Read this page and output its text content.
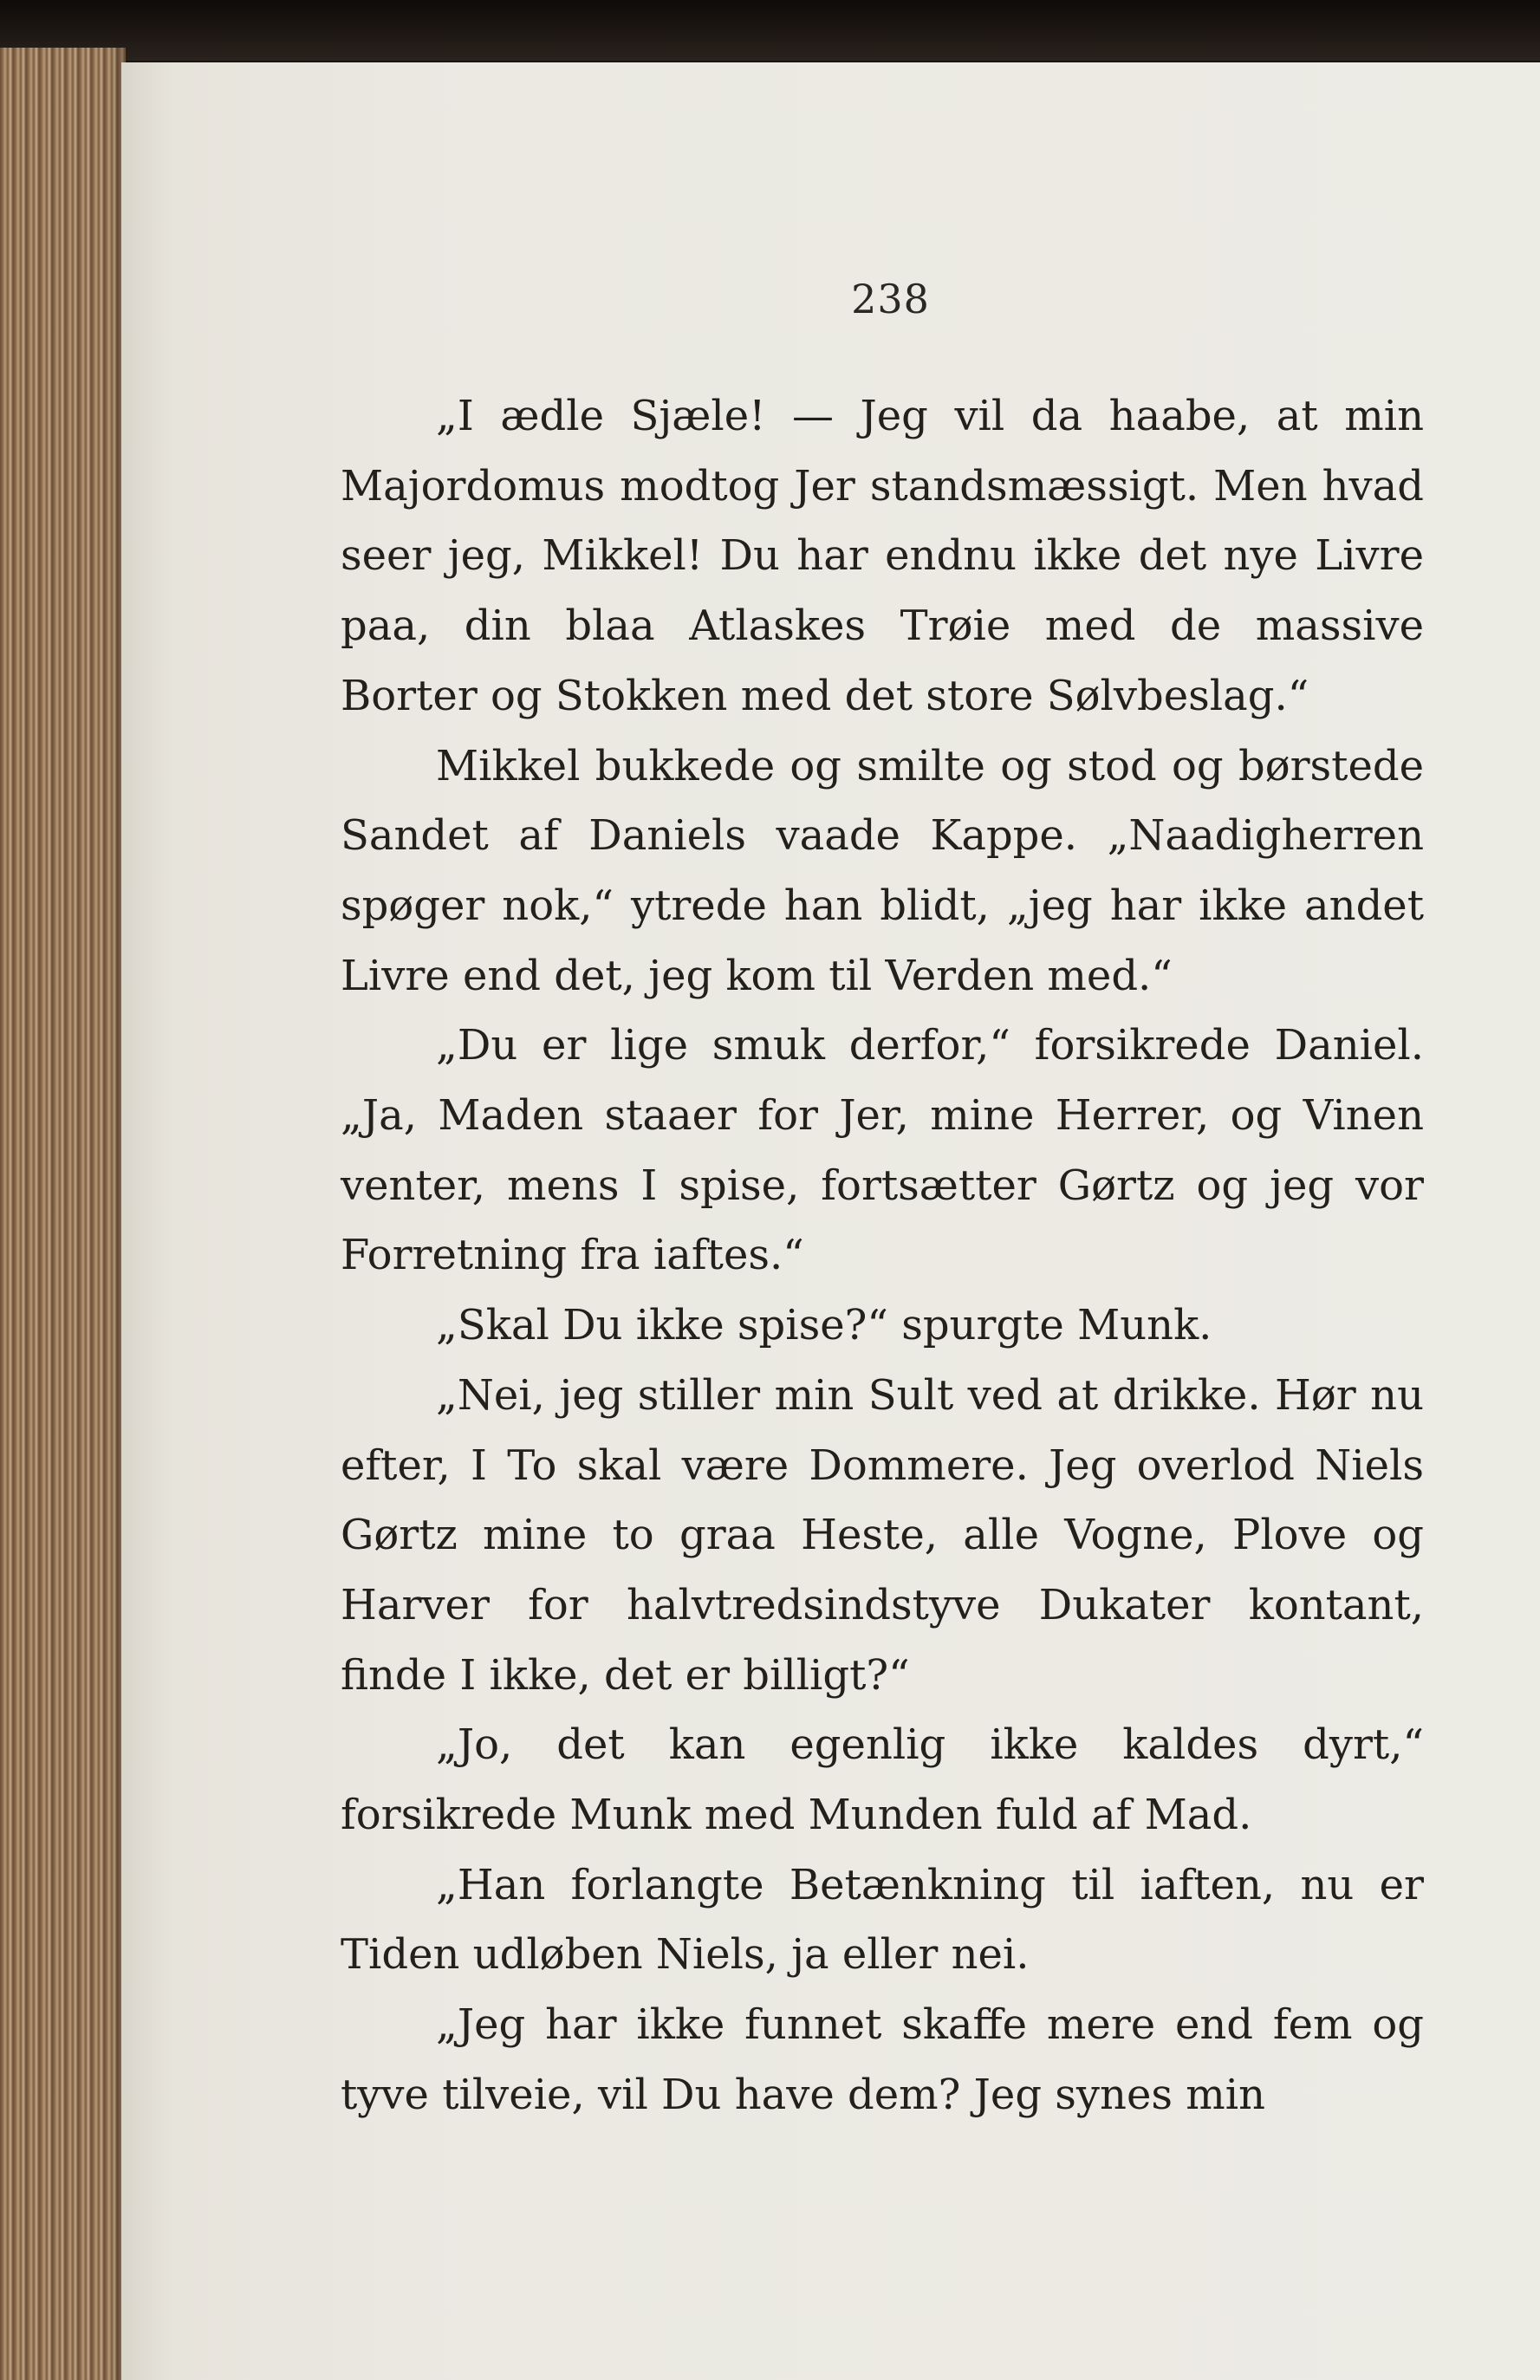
238

„I ædle Sjæle! — Jeg vil da haabe, at min Majordomus modtog Jer standsmæssigt. Men hvad seer jeg, Mikkel! Du har endnu ikke det nye Livre paa, din blaa Atlaskes Trøie med de massive Borter og Stokken med det store Sølvbeslag.“

Mikkel bukkede og smilte og stod og børstede Sandet af Daniels vaade Kappe. „Naadigherren spøger nok,“ ytrede han blidt, „jeg har ikke andet Livre end det, jeg kom til Verden med.“

„Du er lige smuk derfor,“ forsikrede Daniel. „Ja, Maden staaer for Jer, mine Herrer, og Vinen venter, mens I spise, fortsætter Gørtz og jeg vor Forretning fra iaftes.“

„Skal Du ikke spise?“ spurgte Munk.

„Nei, jeg stiller min Sult ved at drikke. Hør nu efter, I To skal være Dommere. Jeg overlod Niels Gørtz mine to graa Heste, alle Vogne, Plove og Harver for halvtredsindstyve Dukater kontant, finde I ikke, det er billigt?“

„Jo, det kan egenlig ikke kaldes dyrt,“ forsikrede Munk med Munden fuld af Mad.

„Han forlangte Betænkning til iaften, nu er Tiden udløben Niels, ja eller nei.

„Jeg har ikke funnet skaffe mere end fem og tyve tilveie, vil Du have dem? Jeg synes min
